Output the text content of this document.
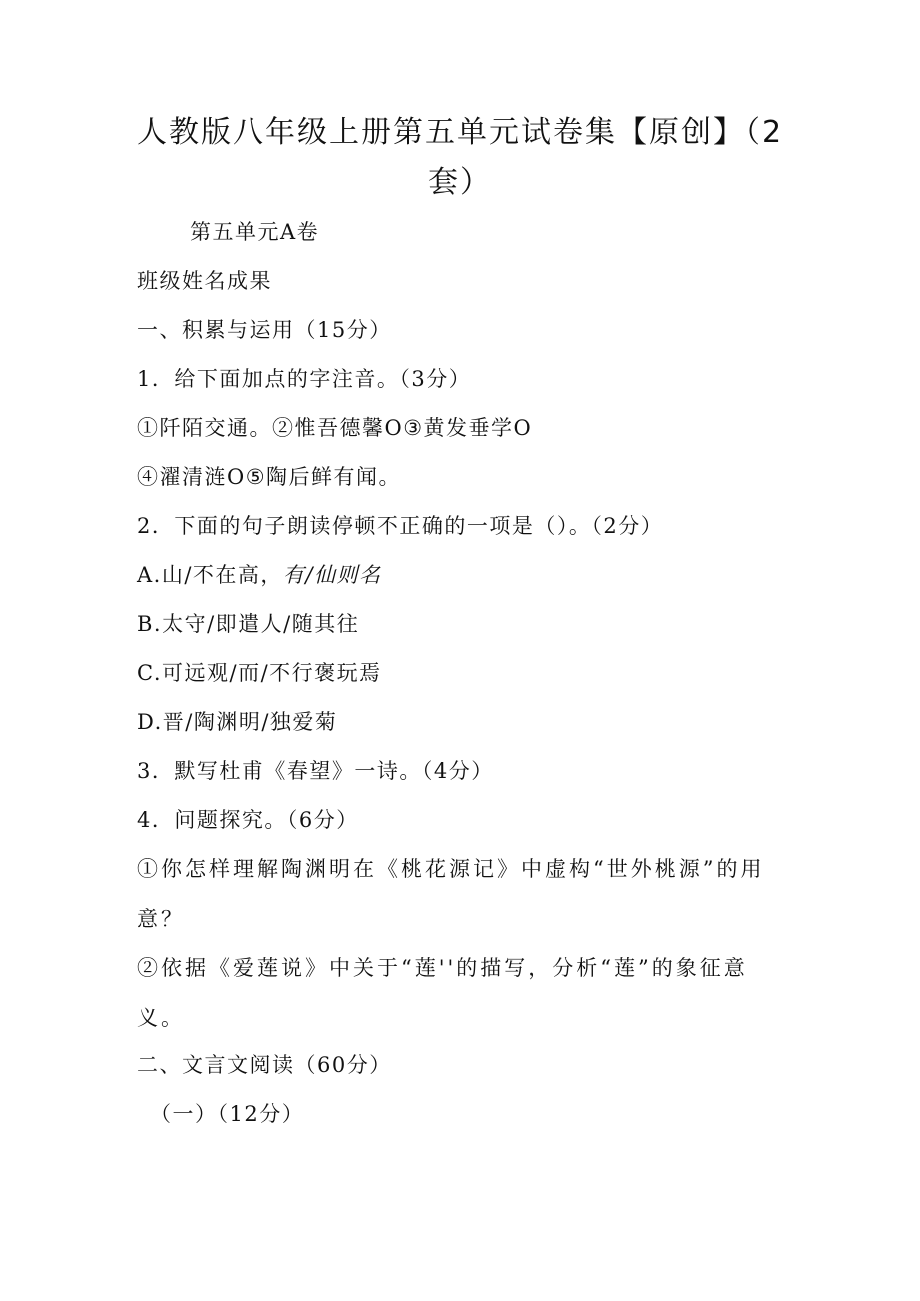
人教版八年级上册第五单元试卷集【原创】（2套）

第五单元A卷

班级姓名成果

一、积累与运用（15分）

1．给下面加点的字注音。（3分）

①阡陌交通。②惟吾德馨O③黄发垂学O

④濯清涟O⑤陶后鲜有闻。

2．下面的句子朗读停顿不正确的一项是（）。（2分）

A.山/不在高，有/仙则名

B.太守/即遣人/随其往

C.可远观/而/不行褒玩焉

D.晋/陶渊明/独爱菊

3．默写杜甫《春望》一诗。（4分）

4．问题探究。（6分）

①你怎样理解陶渊明在《桃花源记》中虚构“世外桃源”的用意？

②依据《爱莲说》中关于“莲''的描写，分析“莲”的象征意义。

二、文言文阅读（60分）

（一）（12分）
